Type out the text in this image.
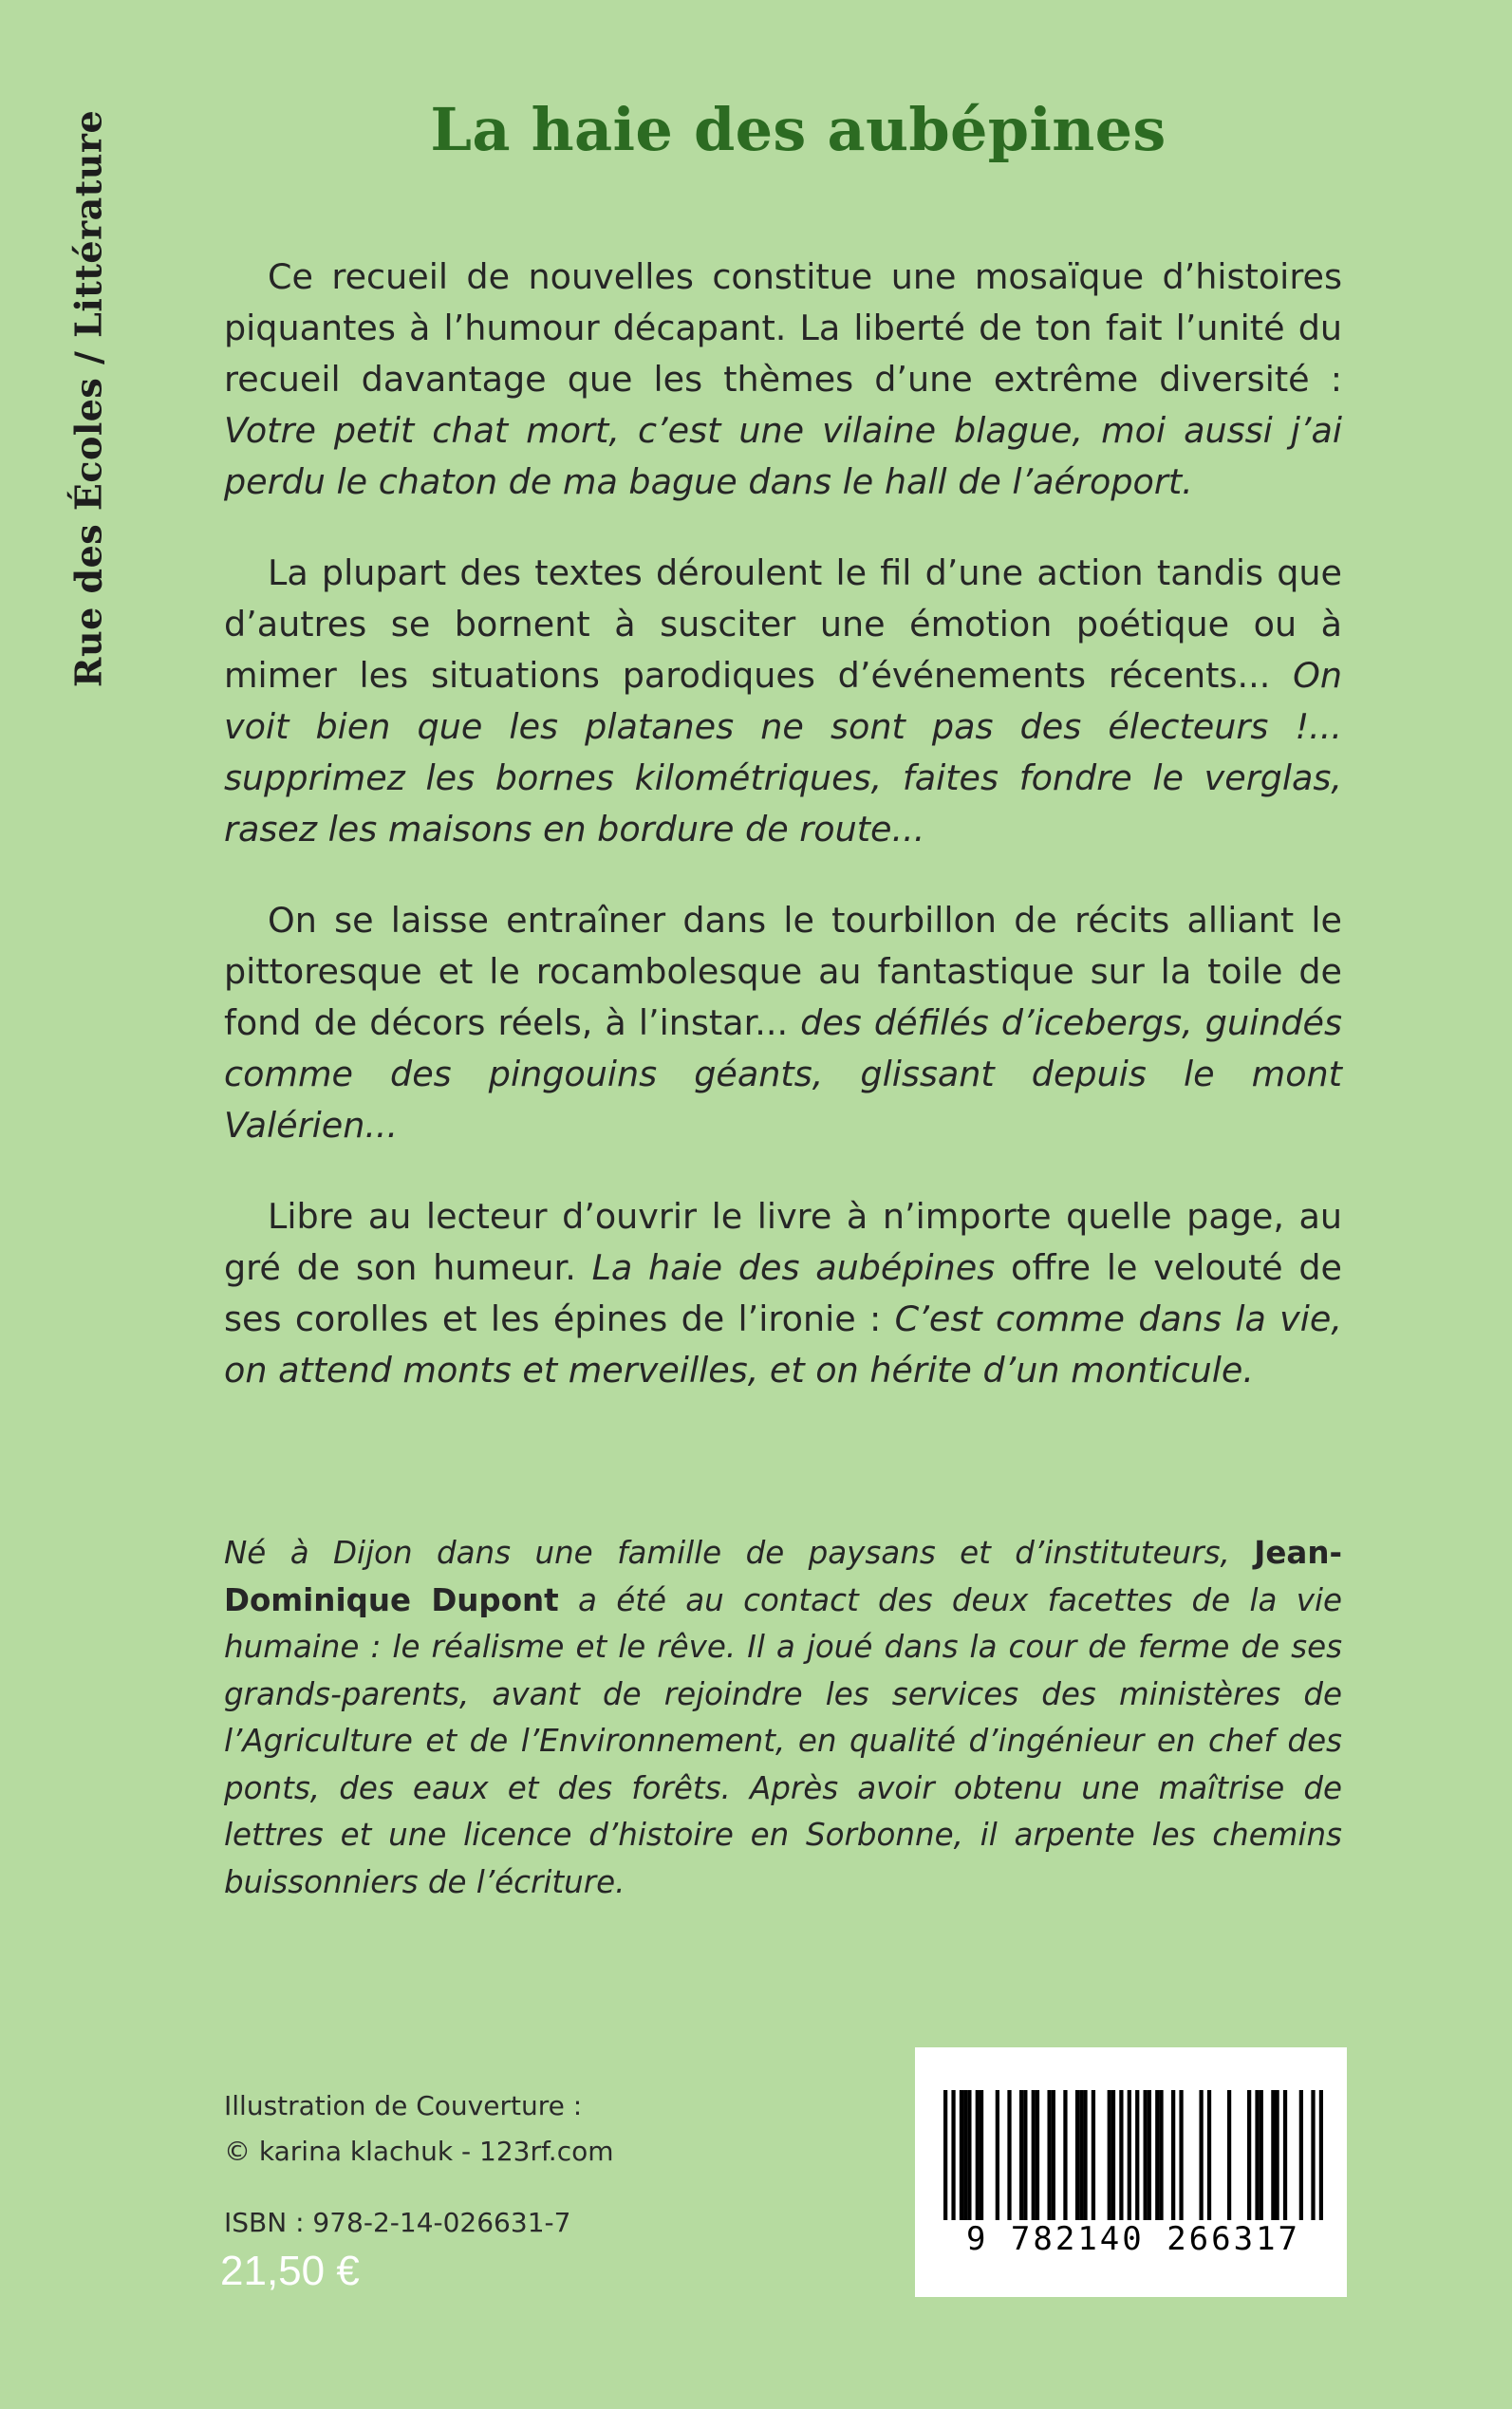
Rue des Écoles / Littérature	La haie des aubépines

Ce recueil de nouvelles constitue une mosaïque d’histoires piquantes à l’humour décapant. La liberté de ton fait l’unité du recueil davantage que les thèmes d’une extrême diversité : Votre petit chat mort, c’est une vilaine blague, moi aussi j’ai perdu le chaton de ma bague dans le hall de l’aéroport.

La plupart des textes déroulent le fil d’une action tandis que d’autres se bornent à susciter une émotion poétique ou à mimer les situations parodiques d’événements récents... On voit bien que les platanes ne sont pas des électeurs !... supprimez les bornes kilométriques, faites fondre le verglas, rasez les maisons en bordure de route...

On se laisse entraîner dans le tourbillon de récits alliant le pittoresque et le rocambolesque au fantastique sur la toile de fond de décors réels, à l’instar... des défilés d’icebergs, guindés comme des pingouins géants, glissant depuis le mont Valérien...

Libre au lecteur d’ouvrir le livre à n’importe quelle page, au gré de son humeur. La haie des aubépines offre le velouté de ses corolles et les épines de l’ironie : C’est comme dans la vie, on attend monts et merveilles, et on hérite d’un monticule.

Né à Dijon dans une famille de paysans et d’instituteurs, Jean-Dominique Dupont a été au contact des deux facettes de la vie humaine : le réalisme et le rêve. Il a joué dans la cour de ferme de ses grands-parents, avant de rejoindre les services des ministères de l’Agriculture et de l’Environnement, en qualité d’ingénieur en chef des ponts, des eaux et des forêts. Après avoir obtenu une maîtrise de lettres et une licence d’histoire en Sorbonne, il arpente les chemins buissonniers de l’écriture.

Illustration de Couverture :
© karina klachuk - 123rf.com
ISBN : 978-2-14-026631-7
21,50 €
9 782140 266317
